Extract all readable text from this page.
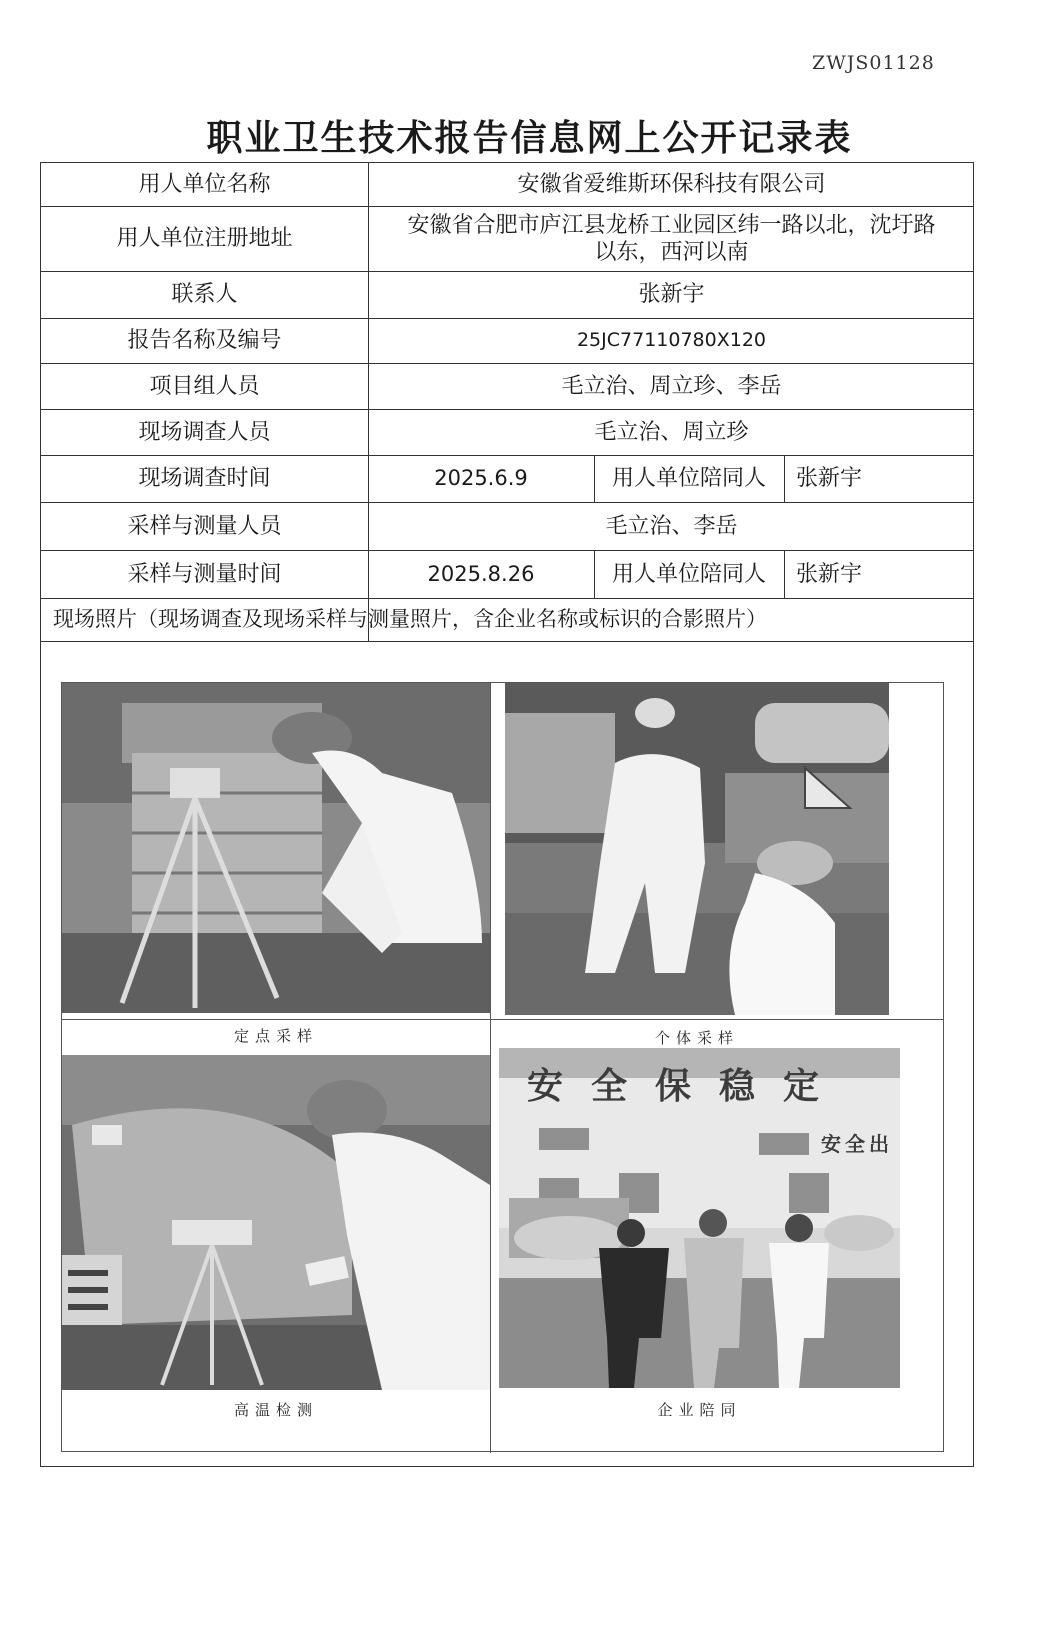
ZWJS01128
职业卫生技术报告信息网上公开记录表
用人单位名称	安徽省爱维斯环保科技有限公司
用人单位注册地址
安徽省合肥市庐江县龙桥工业园区纬一路以北，沈圩路
以东，西河以南
联系人	张新宇
报告名称及编号	25JC77110780X120
项目组人员	毛立治、周立珍、李岳
现场调查人员	毛立治、周立珍
现场调查时间	2025.6.9	用人单位陪同人	张新宇
采样与测量人员	毛立治、李岳
采样与测量时间	2025.8.26	用人单位陪同人	张新宇
现场照片（现场调查及现场采样与测量照片，含企业名称或标识的合影照片）
定点采样	个体采样
高温检测
安全保稳定
安全出
企业陪同
